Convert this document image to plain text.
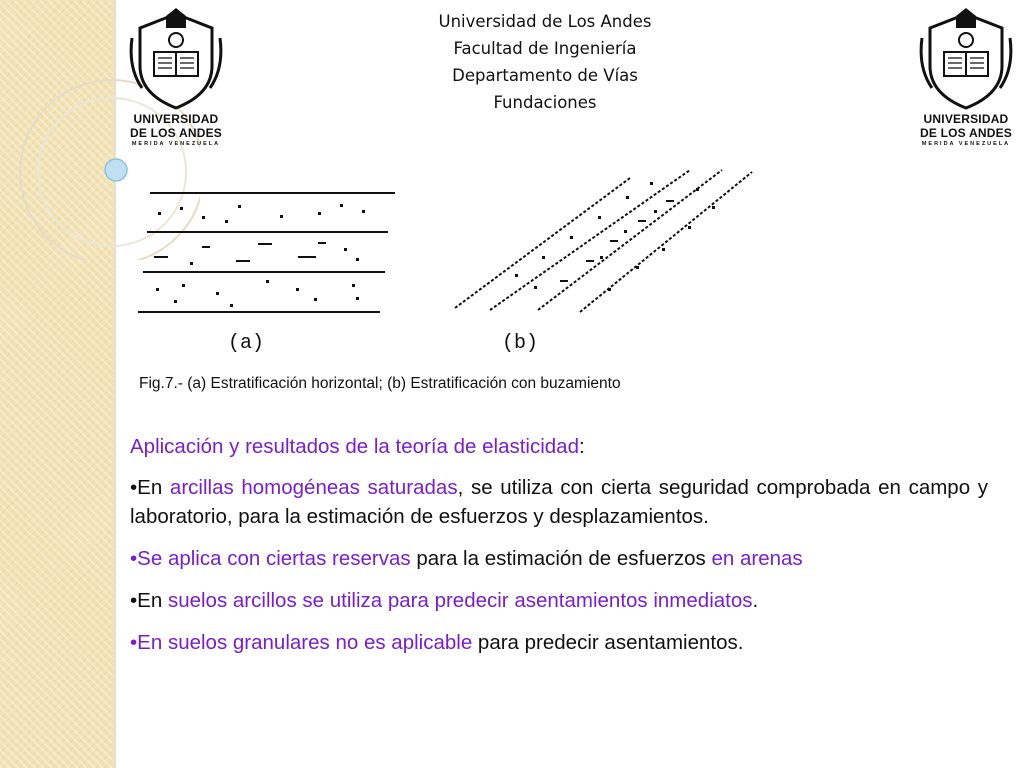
UNIVERSIDAD
DE LOS ANDES
MERIDA VENEZUELA
UNIVERSIDAD
DE LOS ANDES
MERIDA VENEZUELA
Universidad de Los Andes
Facultad de Ingeniería
Departamento de Vías
Fundaciones
(a)	(b)
Fig.7.- (a) Estratificación horizontal; (b) Estratificación con buzamiento

Aplicación y resultados de la teoría de elasticidad:

•En arcillas homogéneas saturadas, se utiliza con cierta seguridad comprobada en campo y laboratorio, para la estimación de esfuerzos y desplazamientos.

•Se aplica con ciertas reservas para la estimación de esfuerzos en arenas

•En suelos arcillos se utiliza para predecir asentamientos inmediatos.

•En suelos granulares no es aplicable para predecir asentamientos.
